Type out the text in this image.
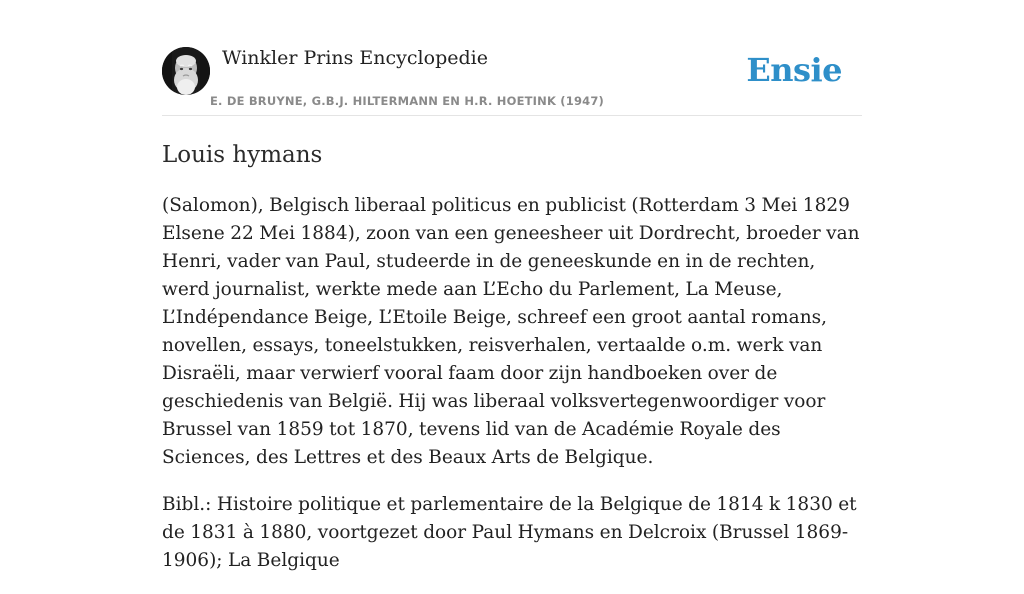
Winkler Prins Encyclopedie
E. DE BRUYNE, G.B.J. HILTERMANN EN H.R. HOETINK (1947)
Ensie
Louis hymans

(Salomon), Belgisch liberaal politicus en publicist (Rotterdam 3 Mei 1829 Elsene 22 Mei 1884), zoon van een geneesheer uit Dordrecht, broeder van Henri, vader van Paul, studeerde in de geneeskunde en in de rechten, werd journalist, werkte mede aan L’Echo du Parlement, La Meuse, L’Indépendance Beige, L’Etoile Beige, schreef een groot aantal romans, novellen, essays, toneelstukken, reisverhalen, vertaalde o.m. werk van Disraëli, maar verwierf vooral faam door zijn handboeken over de geschiedenis van België. Hij was liberaal volksvertegenwoordiger voor Brussel van 1859 tot 1870, tevens lid van de Académie Royale des Sciences, des Lettres et des Beaux Arts de Belgique.

Bibl.: Histoire politique et parlementaire de la Belgique de 1814 k 1830 et de 1831 à 1880, voortgezet door Paul Hymans en Delcroix (Brussel 1869-1906); La Belgique
